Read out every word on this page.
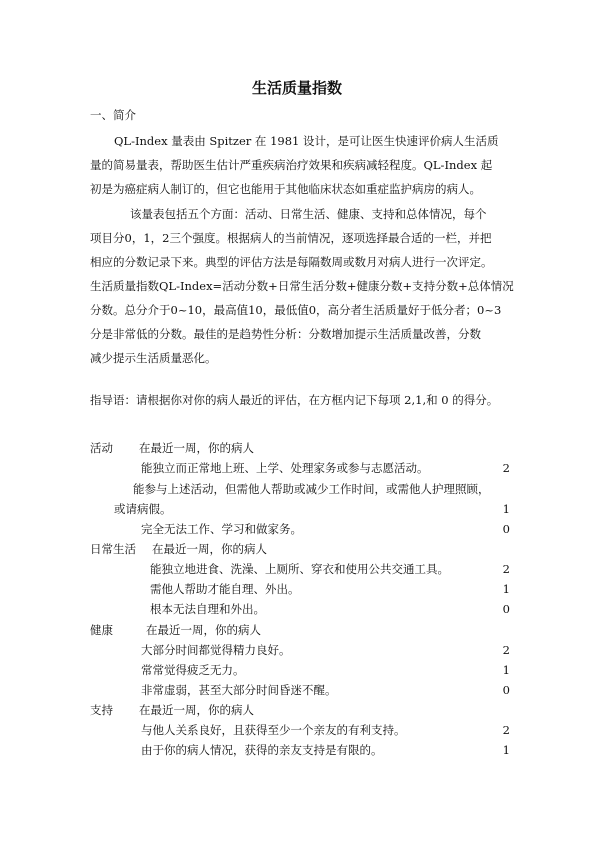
生活质量指数
一、简介
QL-Index 量表由 Spitzer 在 1981 设计，是可让医生快速评价病人生活质
量的简易量表，帮助医生估计严重疾病治疗效果和疾病减轻程度。QL-Index 起
初是为癌症病人制订的，但它也能用于其他临床状态如重症监护病房的病人。
该量表包括五个方面：活动、日常生活、健康、支持和总体情况，每个
项目分0，1，2三个强度。根据病人的当前情况，逐项选择最合适的一栏，并把
相应的分数记录下来。典型的评估方法是每隔数周或数月对病人进行一次评定。
生活质量指数QL-Index=活动分数+日常生活分数+健康分数+支持分数+总体情况
分数。总分介于0~10，最高值10，最低值0，高分者生活质量好于低分者；0~3
分是非常低的分数。最佳的是趋势性分析：分数增加提示生活质量改善，分数
减少提示生活质量恶化。
指导语：请根据你对你的病人最近的评估，在方框内记下每项 2,1,和 0 的得分。
活动 在最近一周，你的病人
能独立而正常地上班、上学、处理家务或参与志愿活动。	2
能参与上述活动，但需他人帮助或减少工作时间，或需他人护理照顾，
或请病假。	1
完全无法工作、学习和做家务。	0
日常生活 在最近一周，你的病人
能独立地进食、洗澡、上厕所、穿衣和使用公共交通工具。	2
需他人帮助才能自理、外出。	1
根本无法自理和外出。	0
健康	在最近一周，你的病人
大部分时间都觉得精力良好。	2
常常觉得疲乏无力。	1
非常虚弱，甚至大部分时间昏迷不醒。	0
支持 在最近一周，你的病人
与他人关系良好，且获得至少一个亲友的有利支持。	2
由于你的病人情况，获得的亲友支持是有限的。	1
